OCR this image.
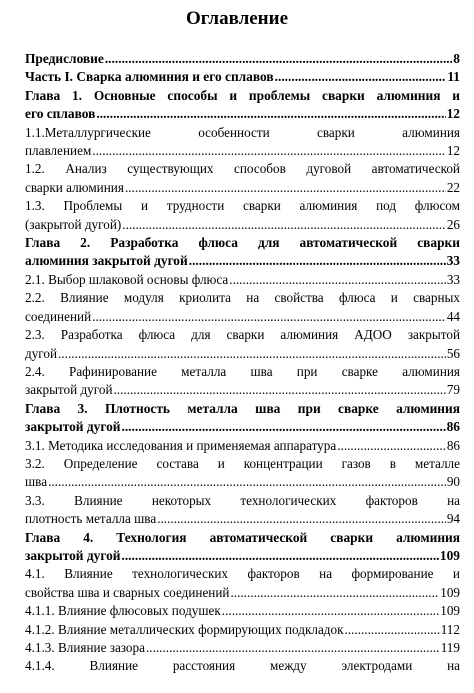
Оглавление
Предисловие .....	8
Часть I. Сварка алюминия и его сплавов .....	11
Глава 1. Основные способы и проблемы сварки алюминия и
его сплавов .....	12
1.1.Металлургические особенности сварки алюминия
плавлением .....	12
1.2. Анализ существующих способов дуговой автоматической
сварки алюминия .....	22
1.3. Проблемы и трудности сварки алюминия под флюсом
(закрытой дугой) .....	26
Глава 2. Разработка флюса для автоматической сварки
алюминия закрытой дугой .....	33
2.1. Выбор шлаковой основы флюса .....	33
2.2. Влияние модуля криолита на свойства флюса и сварных
соединений .....	44
2.3. Разработка флюса для сварки алюминия АДОО закрытой
дугой .....	56
2.4. Рафинирование металла шва при сварке алюминия
закрытой дугой .....	79
Глава 3. Плотность металла шва при сварке алюминия
закрытой дугой .....	86
3.1. Методика исследования и применяемая аппаратура .....	86
3.2. Определение состава и концентрации газов в металле
шва .....	90
3.3. Влияние некоторых технологических факторов на
плотность металла шва .....	94
Глава 4. Технология автоматической сварки алюминия
закрытой дугой .....	109
4.1. Влияние технологических факторов на формирование и
свойства шва и сварных соединений .....	109
4.1.1. Влияние флюсовых подушек .....	109
4.1.2. Влияние металлических формирующих подкладок .....	112
4.1.3. Влияние зазора .....	119
4.1.4. Влияние расстояния между электродами на
